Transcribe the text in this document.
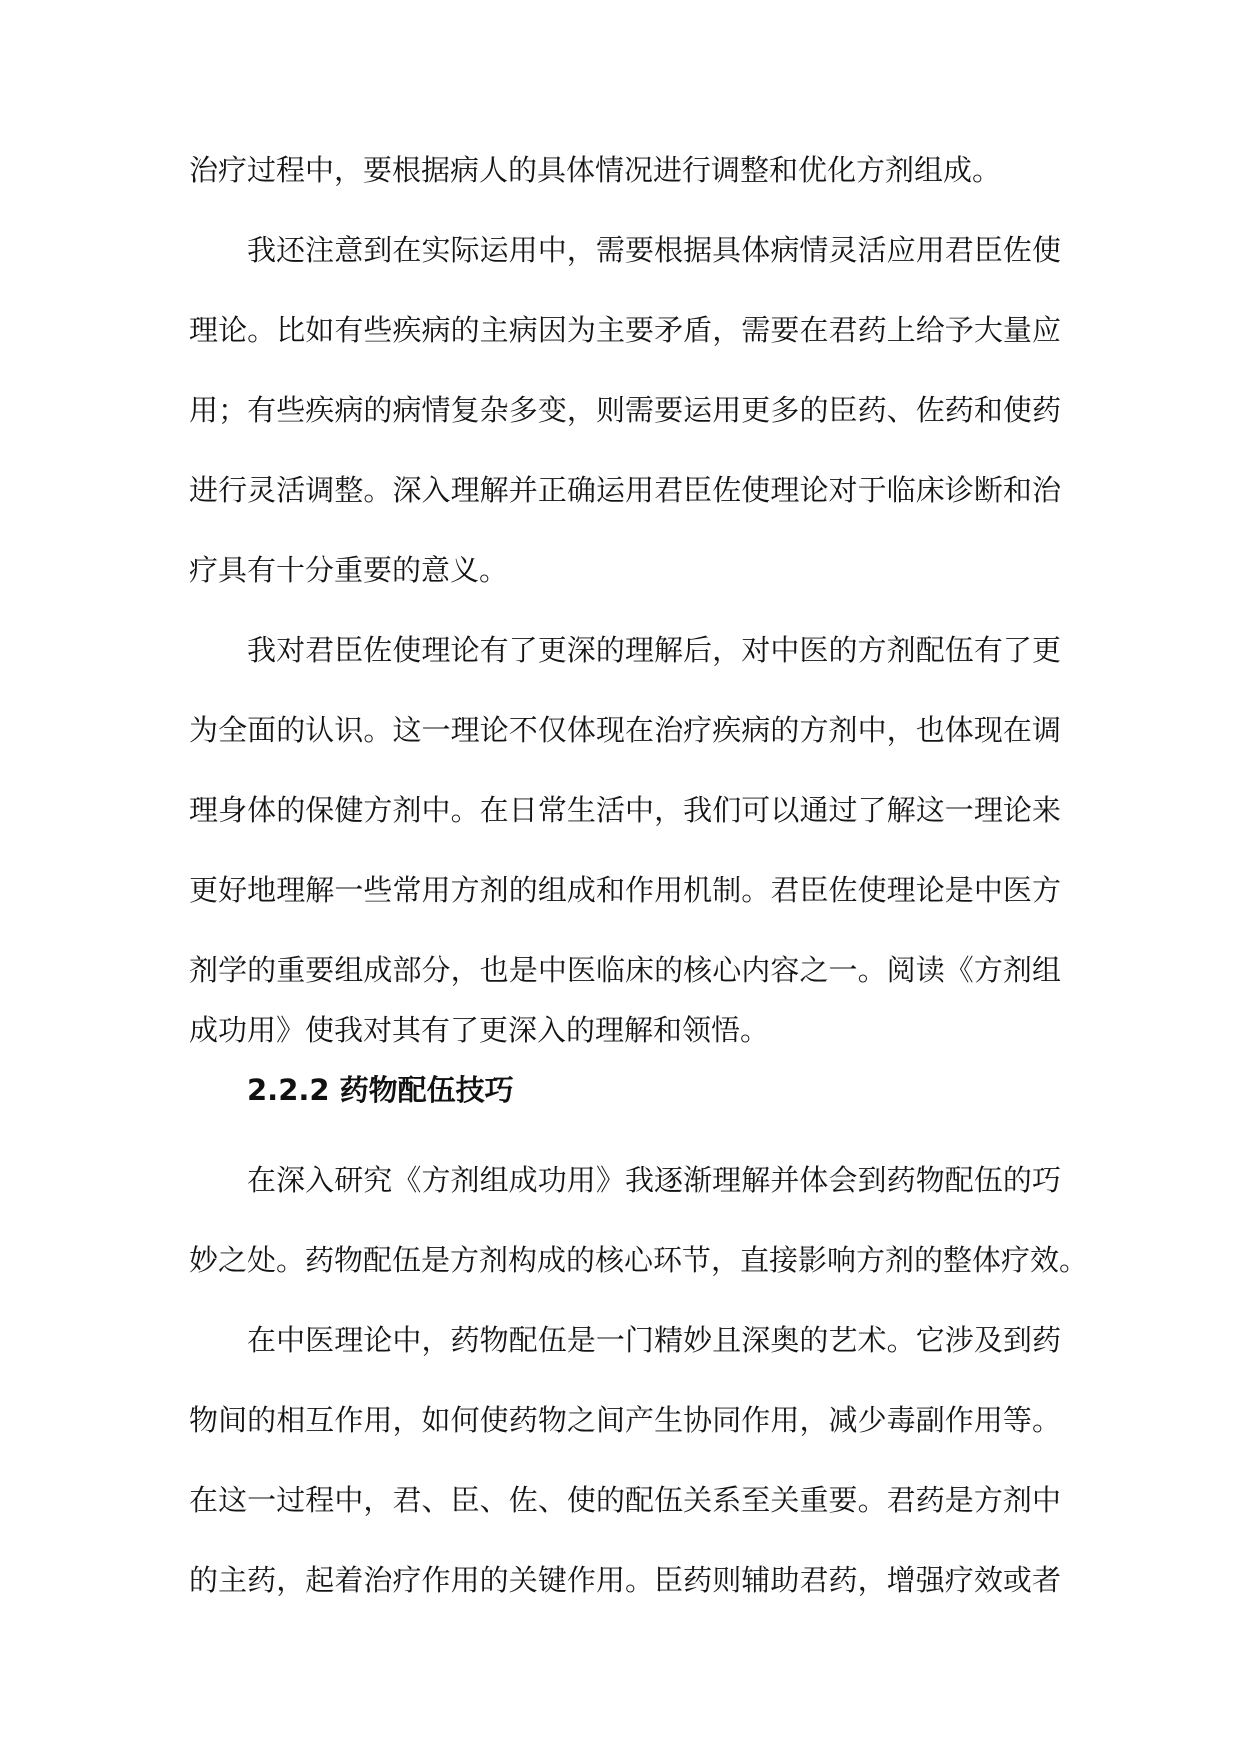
治疗过程中，要根据病人的具体情况进行调整和优化方剂组成。
我还注意到在实际运用中，需要根据具体病情灵活应用君臣佐使
理论。比如有些疾病的主病因为主要矛盾，需要在君药上给予大量应
用；有些疾病的病情复杂多变，则需要运用更多的臣药、佐药和使药
进行灵活调整。深入理解并正确运用君臣佐使理论对于临床诊断和治
疗具有十分重要的意义。
我对君臣佐使理论有了更深的理解后，对中医的方剂配伍有了更
为全面的认识。这一理论不仅体现在治疗疾病的方剂中，也体现在调
理身体的保健方剂中。在日常生活中，我们可以通过了解这一理论来
更好地理解一些常用方剂的组成和作用机制。君臣佐使理论是中医方
剂学的重要组成部分，也是中医临床的核心内容之一。阅读《方剂组
成功用》使我对其有了更深入的理解和领悟。
2.2.2 药物配伍技巧
在深入研究《方剂组成功用》我逐渐理解并体会到药物配伍的巧
妙之处。药物配伍是方剂构成的核心环节，直接影响方剂的整体疗效。
在中医理论中，药物配伍是一门精妙且深奥的艺术。它涉及到药
物间的相互作用，如何使药物之间产生协同作用，减少毒副作用等。
在这一过程中，君、臣、佐、使的配伍关系至关重要。君药是方剂中
的主药，起着治疗作用的关键作用。臣药则辅助君药，增强疗效或者
